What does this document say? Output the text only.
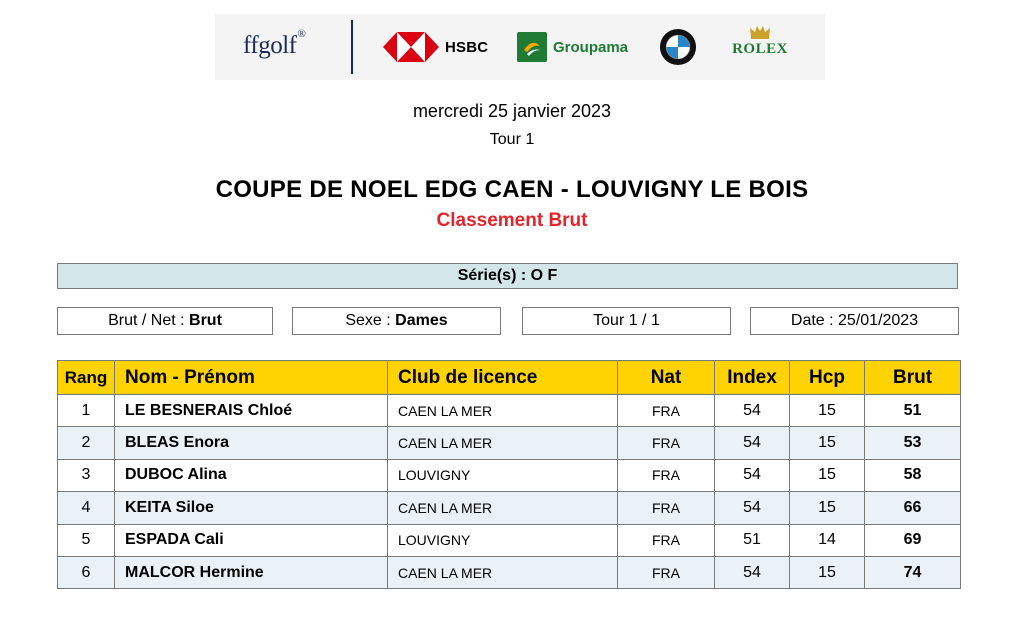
ffgolf®
HSBC	Groupama	ROLEX
mercredi 25 janvier 2023
Tour 1
COUPE DE NOEL EDG CAEN - LOUVIGNY LE BOIS
Classement Brut
Série(s) : O F
Brut / Net : Brut	Sexe : Dames	Tour 1 / 1	Date : 25/01/2023
Rang	Nom - Prénom	Club de licence	Nat	Index	Hcp	Brut
1	LE BESNERAIS Chloé	CAEN LA MER	FRA	54	15	51
2	BLEAS Enora	CAEN LA MER	FRA	54	15	53
3	DUBOC Alina	LOUVIGNY	FRA	54	15	58
4	KEITA Siloe	CAEN LA MER	FRA	54	15	66
5	ESPADA Cali	LOUVIGNY	FRA	51	14	69
6	MALCOR Hermine	CAEN LA MER	FRA	54	15	74
